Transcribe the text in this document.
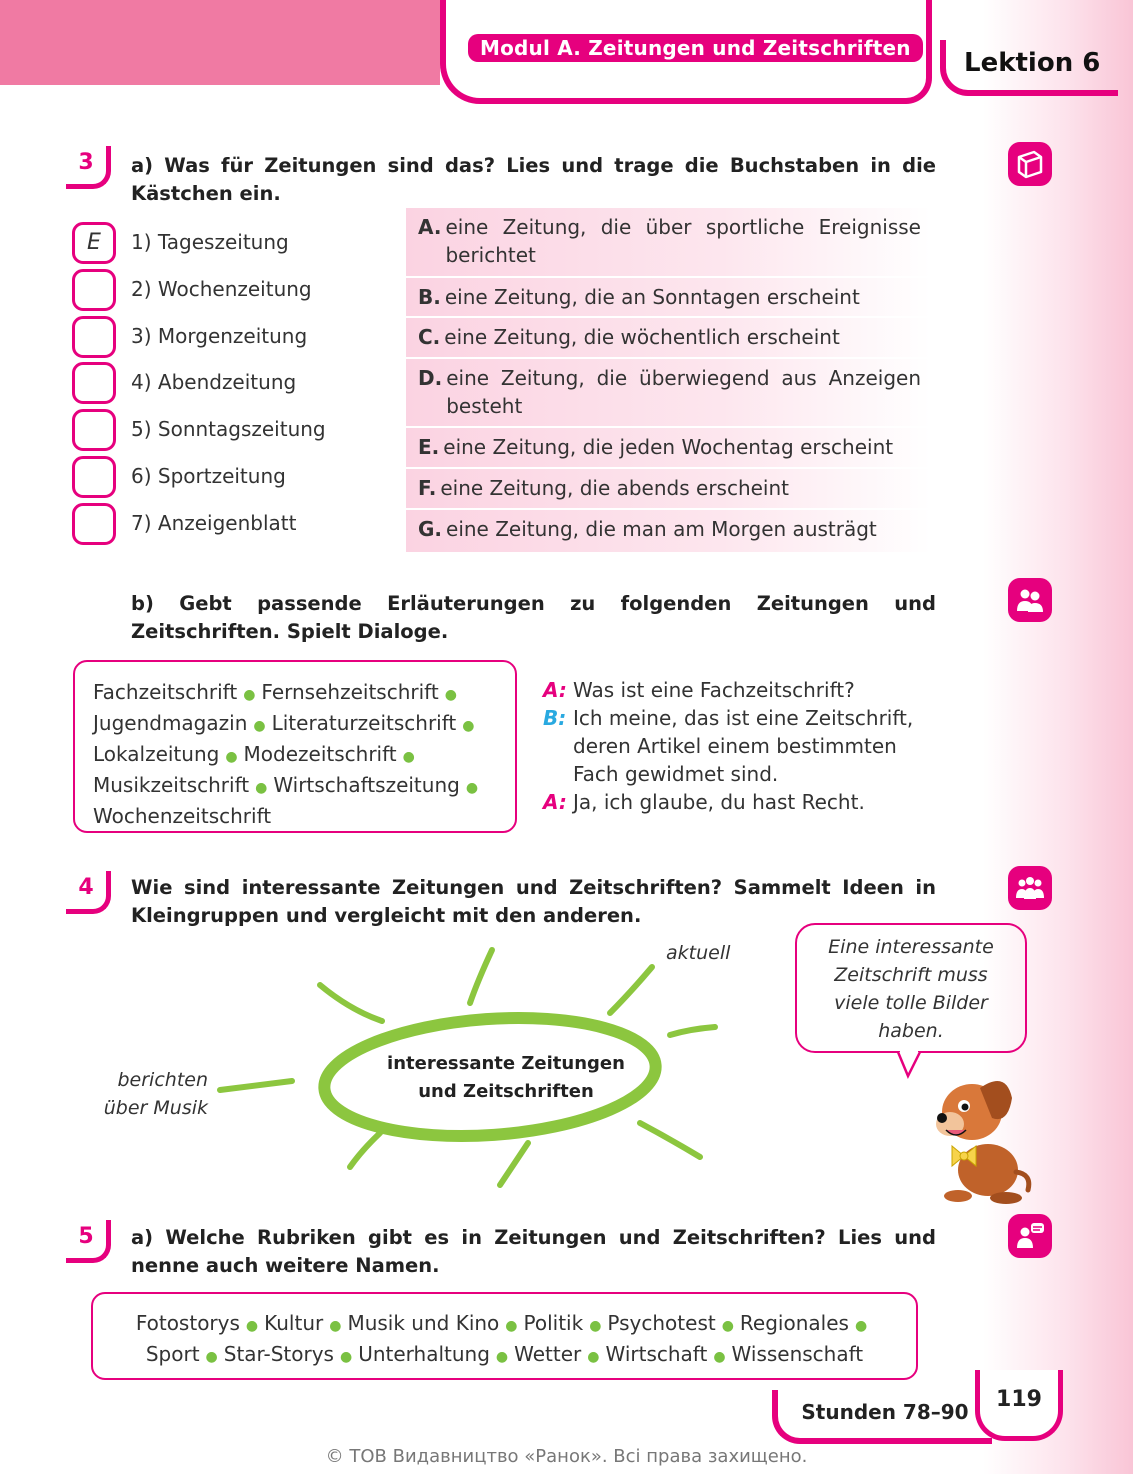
Modul A. Zeitungen und Zeitschriften	Lektion 6
3	a) Was für Zeitungen sind das? Lies und trage die Buchstaben in die Kästchen ein.
E	1) Tageszeitung
2) Wochenzeitung
3) Morgenzeitung
4) Abendzeitung
5) Sonntagszeitung
6) Sportzeitung
7) Anzeigenblatt
A. eine Zeitung, die über sportliche Ereignisse berichtet
B. eine Zeitung, die an Sonntagen erscheint
C. eine Zeitung, die wöchentlich erscheint
D. eine Zeitung, die überwiegend aus Anzeigen besteht
E. eine Zeitung, die jeden Wochentag erscheint
F. eine Zeitung, die abends erscheint
G. eine Zeitung, die man am Morgen austrägt
b) Gebt passende Erläuterungen zu folgenden Zeitungen und Zeitschriften. Spielt Dialoge.
Fachzeitschrift ● Fernsehzeitschrift ●
Jugendmagazin ● Literaturzeitschrift ●
Lokalzeitung ● Modezeitschrift ●
Musikzeitschrift ● Wirtschaftszeitung ●
Wochenzeitschrift
A: Was ist eine Fachzeitschrift?
B: Ich meine, das ist eine Zeitschrift,
deren Artikel einem bestimmten
Fach gewidmet sind.
A: Ja, ich glaube, du hast Recht.
4	Wie sind interessante Zeitungen und Zeitschriften? Sammelt Ideen in Kleingruppen und vergleicht mit den anderen.
interessante Zeitungen
und Zeitschriften
aktuell
berichten
über Musik
Eine interessante
Zeitschrift muss
viele tolle Bilder
haben.
5	a) Welche Rubriken gibt es in Zeitungen und Zeitschriften? Lies und nenne auch weitere Namen.
Fotostorys ● Kultur ● Musik und Kino ● Politik ● Psychotest ● Regionales ●
Sport ● Star-Storys ● Unterhaltung ● Wetter ● Wirtschaft ● Wissenschaft
Stunden 78–90	119
© ТОВ Видавництво «Ранок». Всі права захищено.
